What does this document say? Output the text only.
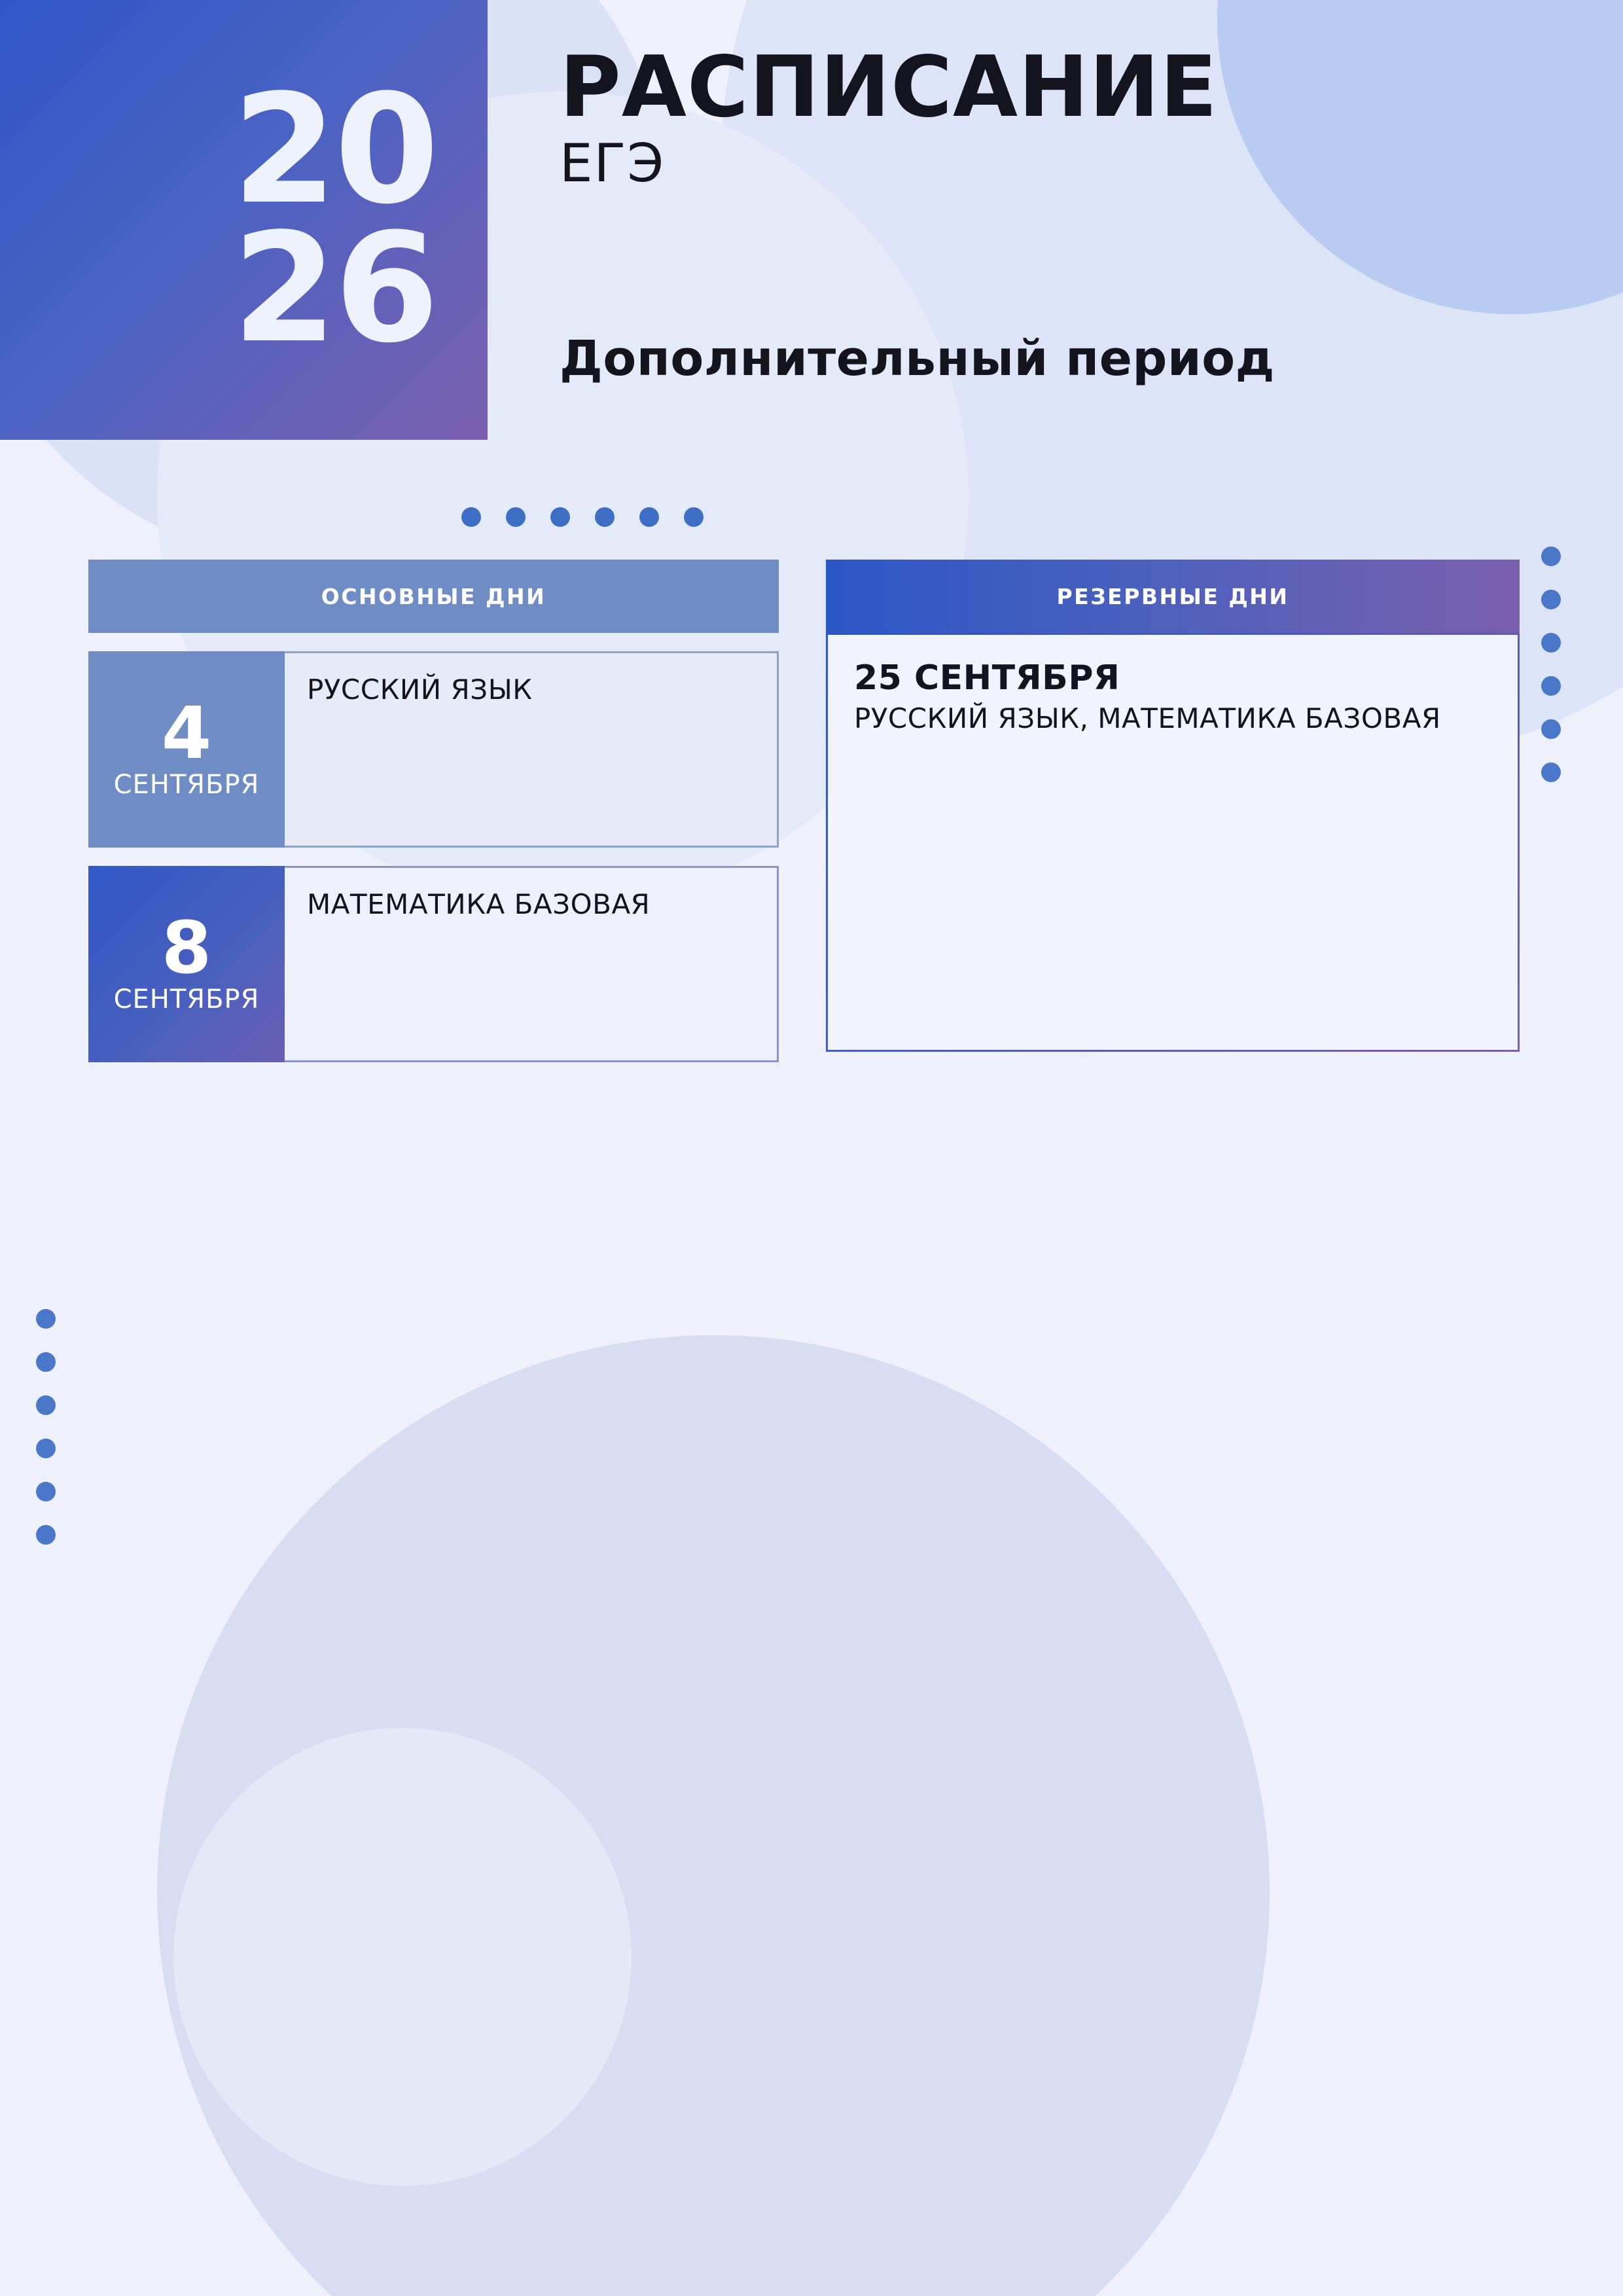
20
26
РАСПИСАНИЕ
ЕГЭ
Дополнительный период
ОСНОВНЫЕ ДНИ
4
СЕНТЯБРЯ
РУССКИЙ ЯЗЫК
8
СЕНТЯБРЯ
МАТЕМАТИКА БАЗОВАЯ
РЕЗЕРВНЫЕ ДНИ
25 СЕНТЯБРЯ
РУССКИЙ ЯЗЫК, МАТЕМАТИКА БАЗОВАЯ
